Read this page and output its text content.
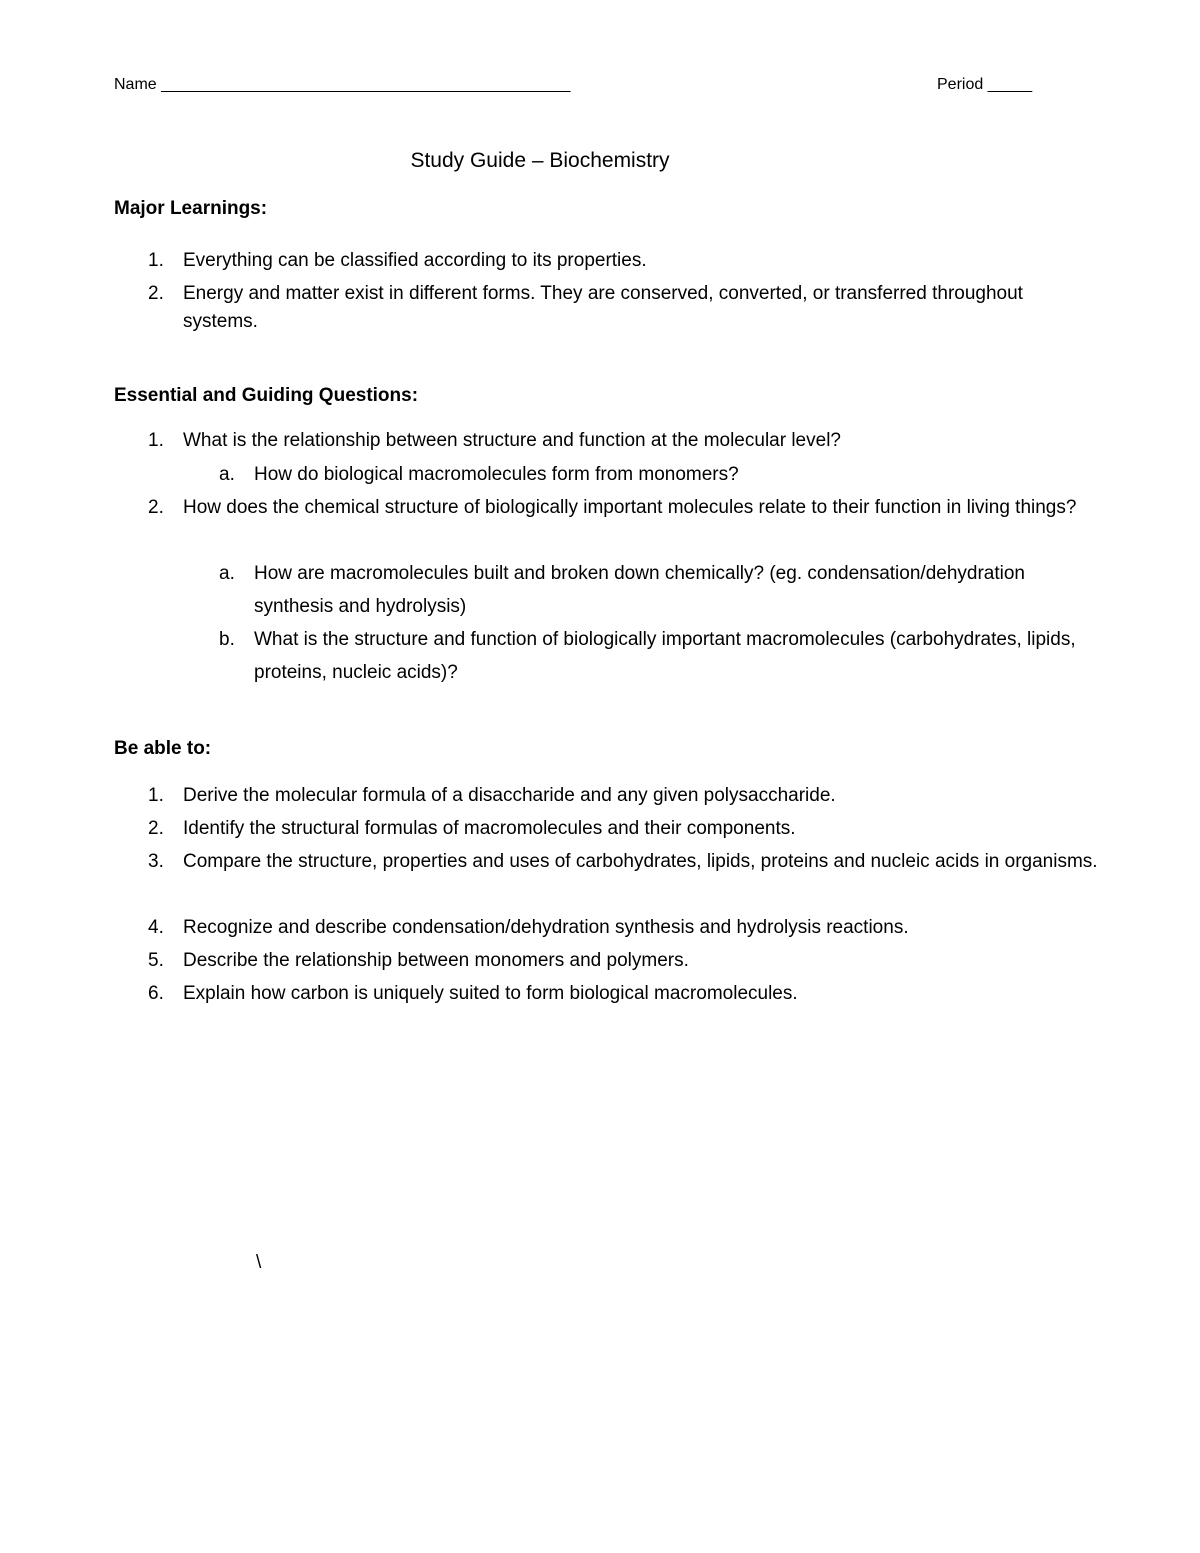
Name ______________________________________________	Period _____
Study Guide – Biochemistry
Major Learnings:
1.	Everything can be classified according to its properties.
2.	Energy and matter exist in different forms. They are conserved, converted, or transferred throughout systems.
Essential and Guiding Questions:
1.	What is the relationship between structure and function at the molecular level?
a.	How do biological macromolecules form from monomers?
2.	How does the chemical structure of biologically important molecules relate to their function in living things?
a.	How are macromolecules built and broken down chemically? (eg. condensation/dehydration synthesis and hydrolysis)
b.	What is the structure and function of biologically important macromolecules (carbohydrates, lipids, proteins, nucleic acids)?
Be able to:
1.	Derive the molecular formula of a disaccharide and any given polysaccharide.
2.	Identify the structural formulas of macromolecules and their components.
3.	Compare the structure, properties and uses of carbohydrates, lipids, proteins and nucleic acids in organisms.
4.	Recognize and describe condensation/dehydration synthesis and hydrolysis reactions.
5.	Describe the relationship between monomers and polymers.
6.	Explain how carbon is uniquely suited to form biological macromolecules.
\
